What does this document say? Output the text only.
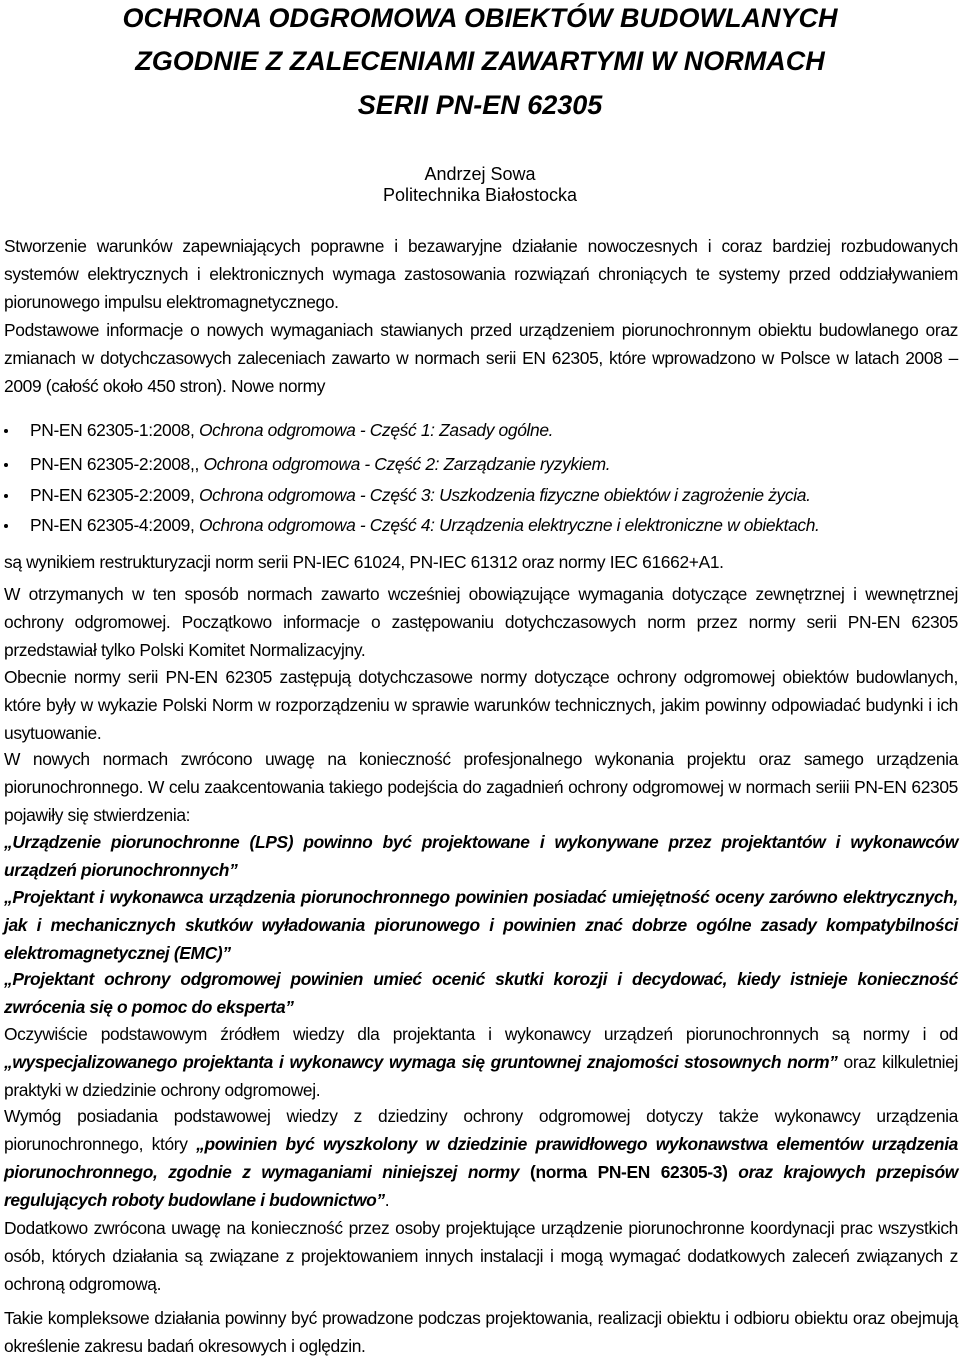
OCHRONA ODGROMOWA OBIEKTÓW BUDOWLANYCH
ZGODNIE Z ZALECENIAMI ZAWARTYMI W NORMACH
SERII PN-EN 62305

Andrzej Sowa

Politechnika Białostocka

Stworzenie warunków zapewniających poprawne i bezawaryjne działanie nowoczesnych i coraz bardziej rozbudowanych systemów elektrycznych i elektronicznych wymaga zastosowania rozwiązań chroniących te systemy przed oddziaływaniem piorunowego impulsu elektromagnetycznego.

Podstawowe informacje o nowych wymaganiach stawianych przed urządzeniem piorunochronnym obiektu budowlanego oraz zmianach w dotychczasowych zaleceniach zawarto w normach serii EN 62305, które wprowadzono w Polsce w latach 2008 – 2009 (całość około 450 stron). Nowe normy

PN-EN 62305-1:2008, Ochrona odgromowa - Część 1: Zasady ogólne.
PN-EN 62305-2:2008,, Ochrona odgromowa - Część 2: Zarządzanie ryzykiem.
PN-EN 62305-2:2009, Ochrona odgromowa - Część 3: Uszkodzenia fizyczne obiektów i zagrożenie życia.
PN-EN 62305-4:2009, Ochrona odgromowa - Część 4: Urządzenia elektryczne i elektroniczne w obiektach.

są wynikiem restrukturyzacji norm serii PN-IEC 61024, PN-IEC 61312 oraz normy IEC 61662+A1.

W otrzymanych w ten sposób normach zawarto wcześniej obowiązujące wymagania dotyczące zewnętrznej i wewnętrznej ochrony odgromowej. Początkowo informacje o zastępowaniu dotychczasowych norm przez normy serii PN-EN 62305 przedstawiał tylko Polski Komitet Normalizacyjny.

Obecnie normy serii PN-EN 62305 zastępują dotychczasowe normy dotyczące ochrony odgromowej obiektów budowlanych, które były w wykazie Polski Norm w rozporządzeniu w sprawie warunków technicznych, jakim powinny odpowiadać budynki i ich usytuowanie.

W nowych normach zwrócono uwagę na konieczność profesjonalnego wykonania projektu oraz samego urządzenia piorunochronnego. W celu zaakcentowania takiego podejścia do zagadnień ochrony odgromowej w normach seriii PN-EN 62305 pojawiły się stwierdzenia:

„Urządzenie piorunochronne (LPS) powinno być projektowane i wykonywane przez projektantów i wykonawców urządzeń piorunochronnych”

„Projektant i wykonawca urządzenia piorunochronnego powinien posiadać umiejętność oceny zarówno elektrycznych, jak i mechanicznych skutków wyładowania piorunowego i powinien znać dobrze ogólne zasady kompatybilności elektromagnetycznej (EMC)”

„Projektant ochrony odgromowej powinien umieć ocenić skutki korozji i decydować, kiedy istnieje konieczność zwrócenia się o pomoc do eksperta”

Oczywiście podstawowym źródłem wiedzy dla projektanta i wykonawcy urządzeń piorunochronnych są normy i od „wyspecjalizowanego projektanta i wykonawcy wymaga się gruntownej znajomości stosownych norm” oraz kilkuletniej praktyki w dziedzinie ochrony odgromowej.

Wymóg posiadania podstawowej wiedzy z dziedziny ochrony odgromowej dotyczy także wykonawcy urządzenia piorunochronnego, który „powinien być wyszkolony w dziedzinie prawidłowego wykonawstwa elementów urządzenia piorunochronnego, zgodnie z wymaganiami niniejszej normy (norma PN-EN 62305-3) oraz krajowych przepisów regulujących roboty budowlane i budownictwo”.

Dodatkowo zwrócona uwagę na konieczność przez osoby projektujące urządzenie piorunochronne koordynacji prac wszystkich osób, których działania są związane z projektowaniem innych instalacji i mogą wymagać dodatkowych zaleceń związanych z ochroną odgromową.

Takie kompleksowe działania powinny być prowadzone podczas projektowania, realizacji obiektu i odbioru obiektu oraz obejmują określenie zakresu badań okresowych i oględzin.
